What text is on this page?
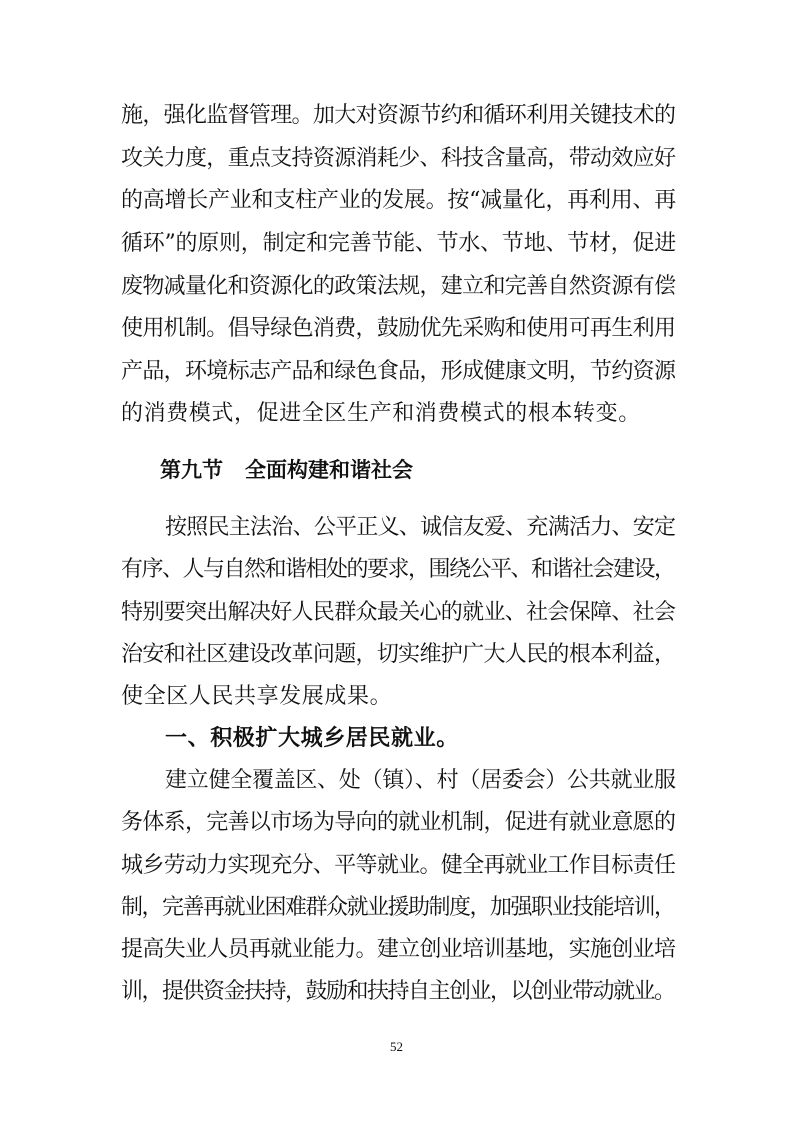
施，强化监督管理。加大对资源节约和循环利用关键技术的
攻关力度，重点支持资源消耗少、科技含量高，带动效应好
的高增长产业和支柱产业的发展。按“减量化，再利用、再
循环”的原则，制定和完善节能、节水、节地、节材，促进
废物减量化和资源化的政策法规，建立和完善自然资源有偿
使用机制。倡导绿色消费，鼓励优先采购和使用可再生利用
产品，环境标志产品和绿色食品，形成健康文明，节约资源
的消费模式，促进全区生产和消费模式的根本转变。
第九节 全面构建和谐社会
按照民主法治、公平正义、诚信友爱、充满活力、安定
有序、人与自然和谐相处的要求，围绕公平、和谐社会建设，
特别要突出解决好人民群众最关心的就业、社会保障、社会
治安和社区建设改革问题，切实维护广大人民的根本利益，
使全区人民共享发展成果。
一、积极扩大城乡居民就业。
建立健全覆盖区、处（镇）、村（居委会）公共就业服
务体系，完善以市场为导向的就业机制，促进有就业意愿的
城乡劳动力实现充分、平等就业。健全再就业工作目标责任
制，完善再就业困难群众就业援助制度，加强职业技能培训，
提高失业人员再就业能力。建立创业培训基地，实施创业培
训，提供资金扶持，鼓励和扶持自主创业，以创业带动就业。
52
